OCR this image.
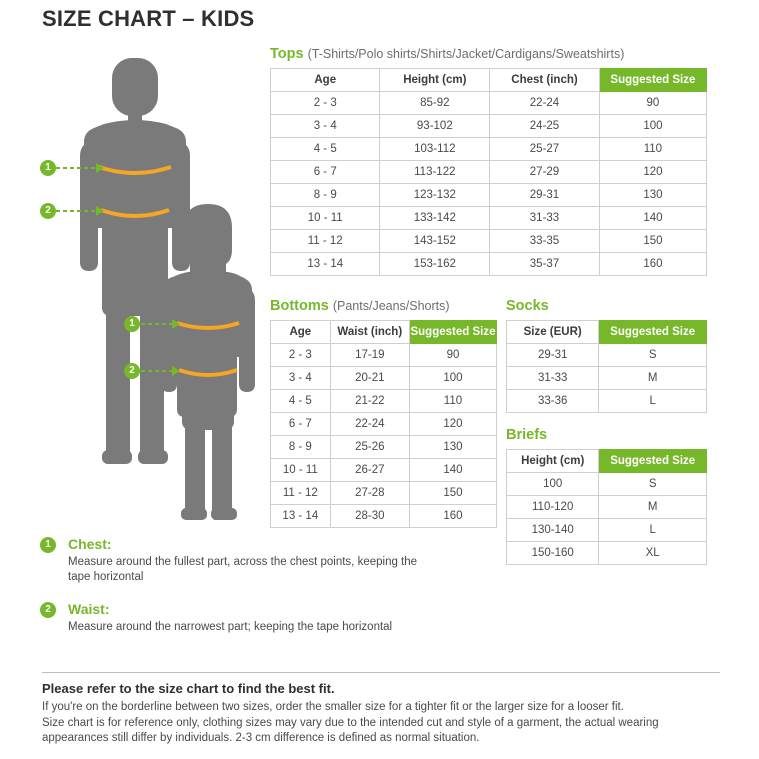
SIZE CHART – KIDS
1
2
1
2
Tops (T-Shirts/Polo shirts/Shirts/Jacket/Cardigans/Sweatshirts)
Age	Height (cm)	Chest (inch)	Suggested Size
2 - 3	85-92	22-24	90
3 - 4	93-102	24-25	100
4 - 5	103-112	25-27	110
6 - 7	113-122	27-29	120
8 - 9	123-132	29-31	130
10 - 11	133-142	31-33	140
11 - 12	143-152	33-35	150
13 - 14	153-162	35-37	160
Bottoms (Pants/Jeans/Shorts)
Age	Waist (inch)	Suggested Size
2 - 3	17-19	90
3 - 4	20-21	100
4 - 5	21-22	110
6 - 7	22-24	120
8 - 9	25-26	130
10 - 11	26-27	140
11 - 12	27-28	150
13 - 14	28-30	160
Socks
Size (EUR)	Suggested Size
29-31	S
31-33	M
33-36	L
Briefs
Height (cm)	Suggested Size
100	S
110-120	M
130-140	L
150-160	XL
1	Chest:
Measure around the fullest part, across the chest points, keeping the tape horizontal
2	Waist:
Measure around the narrowest part; keeping the tape horizontal
Please refer to the size chart to find the best fit.
If you're on the borderline between two sizes, order the smaller size for a tighter fit or the larger size for a looser fit.
Size chart is for reference only, clothing sizes may vary due to the intended cut and style of a garment, the actual wearing
appearances still differ by individuals. 2-3 cm difference is defined as normal situation.
